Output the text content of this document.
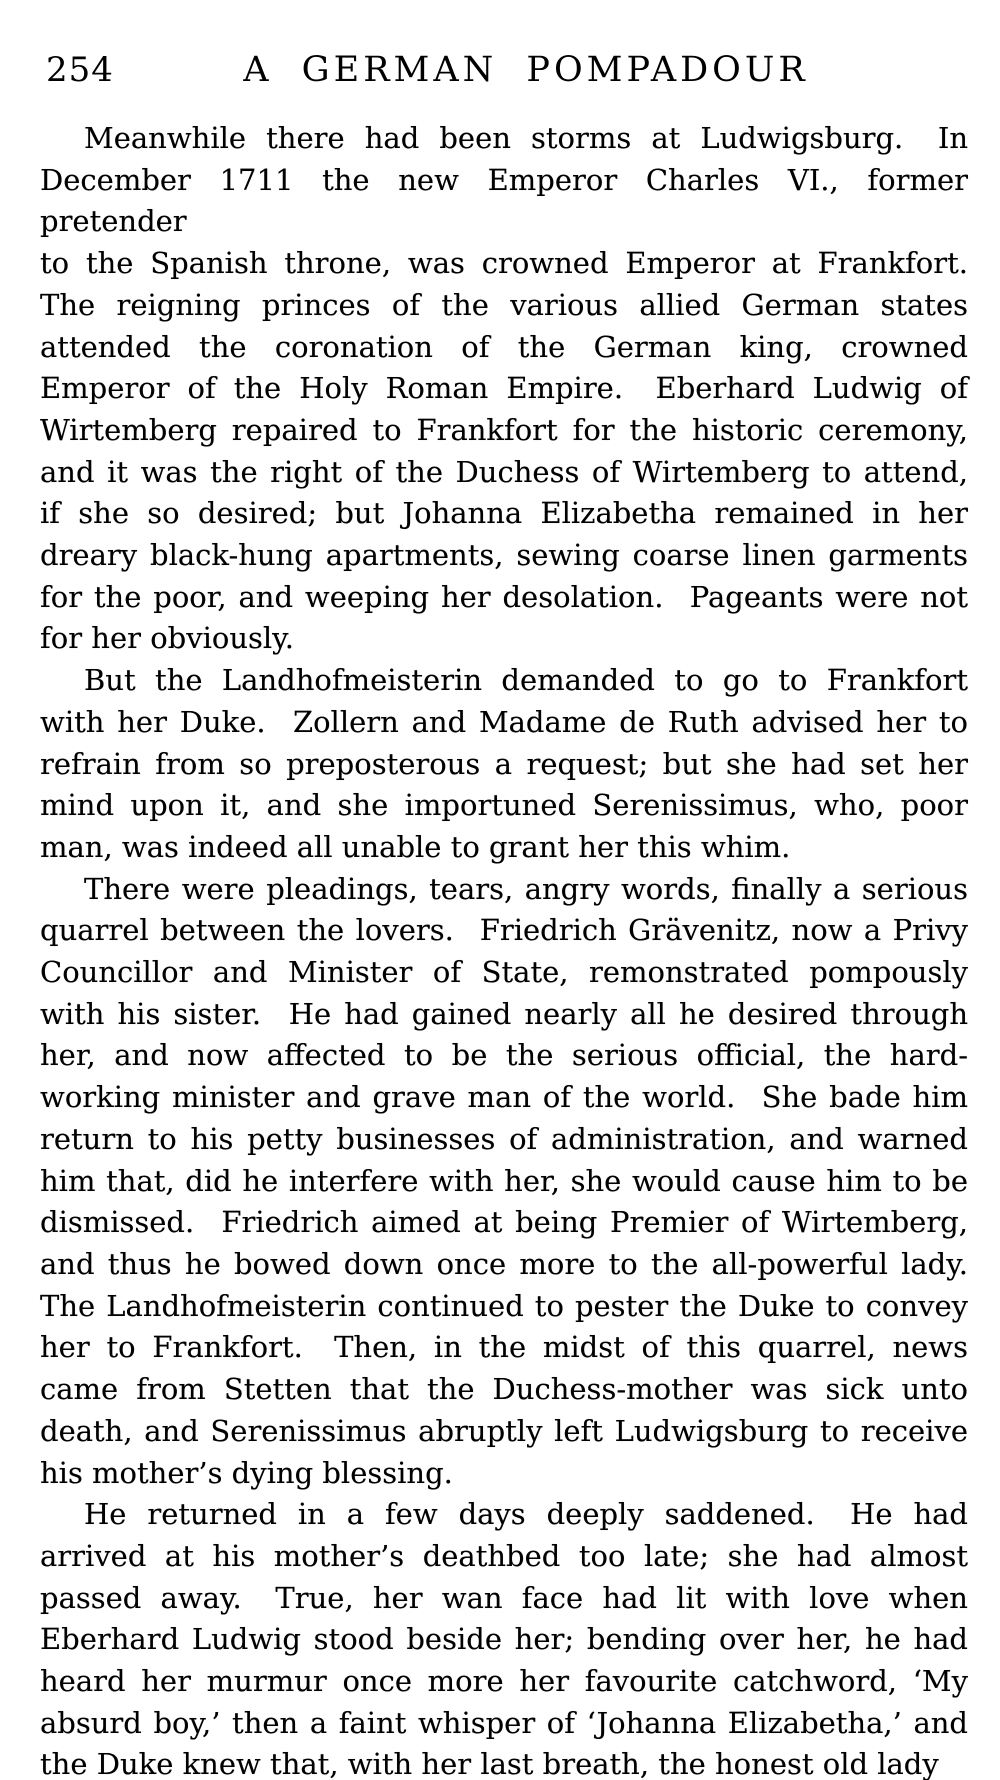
254	A GERMAN POMPADOUR

Meanwhile there had been storms at Ludwigsburg.  In
December 1711 the new Emperor Charles VI., former pretender
to the Spanish throne, was crowned Emperor at Frankfort.
The reigning princes of the various allied German states
attended the coronation of the German king, crowned
Emperor of the Holy Roman Empire.  Eberhard Ludwig of
Wirtemberg repaired to Frankfort for the historic ceremony,
and it was the right of the Duchess of Wirtemberg to attend,
if she so desired; but Johanna Elizabetha remained in her
dreary black-hung apartments, sewing coarse linen garments
for the poor, and weeping her desolation.  Pageants were not
for her obviously.

But the Landhofmeisterin demanded to go to Frankfort
with her Duke.  Zollern and Madame de Ruth advised her to
refrain from so preposterous a request; but she had set her
mind upon it, and she importuned Serenissimus, who, poor
man, was indeed all unable to grant her this whim.

There were pleadings, tears, angry words, finally a serious
quarrel between the lovers.  Friedrich Grävenitz, now a Privy
Councillor and Minister of State, remonstrated pompously
with his sister.  He had gained nearly all he desired through
her, and now affected to be the serious official, the hard-
working minister and grave man of the world.  She bade him
return to his petty businesses of administration, and warned
him that, did he interfere with her, she would cause him to be
dismissed.  Friedrich aimed at being Premier of Wirtemberg,
and thus he bowed down once more to the all-powerful lady.
The Landhofmeisterin continued to pester the Duke to convey
her to Frankfort.  Then, in the midst of this quarrel, news
came from Stetten that the Duchess-mother was sick unto
death, and Serenissimus abruptly left Ludwigsburg to receive
his mother’s dying blessing.

He returned in a few days deeply saddened.  He had
arrived at his mother’s deathbed too late; she had almost
passed away.  True, her wan face had lit with love when
Eberhard Ludwig stood beside her; bending over her, he had
heard her murmur once more her favourite catchword, ‘My
absurd boy,’ then a faint whisper of ‘Johanna Elizabetha,’ and
the Duke knew that, with her last breath, the honest old lady
